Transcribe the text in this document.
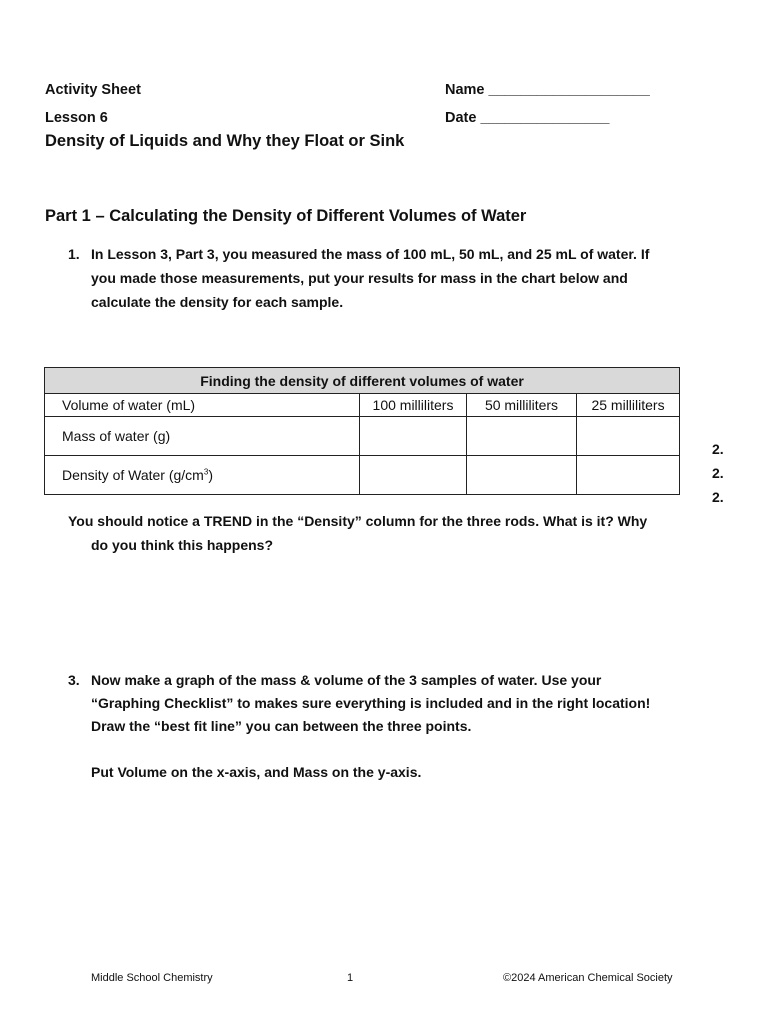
Activity Sheet	Name ____________________
Lesson 6	Date ________________
Density of Liquids and Why they Float or Sink
Part 1 – Calculating the Density of Different Volumes of Water
1. In Lesson 3, Part 3, you measured the mass of 100 mL, 50 mL, and 25 mL of water. If
you made those measurements, put your results for mass in the chart below and
calculate the density for each sample.
Finding the density of different volumes of water			
Volume of water (mL)	100 milliliters	50 milliliters	25 milliliters
Mass of water (g)			
Density of Water $(g/cm^3)$			
2.
2.
2.
You should notice a TREND in the “Density” column for the three rods. What is it? Why
do you think this happens?
3. Now make a graph of the mass & volume of the 3 samples of water. Use your
“Graphing Checklist” to makes sure everything is included and in the right location!
Draw the “best fit line” you can between the three points.
Put Volume on the x-axis, and Mass on the y-axis.
Middle School Chemistry	1	©2024 American Chemical Society
